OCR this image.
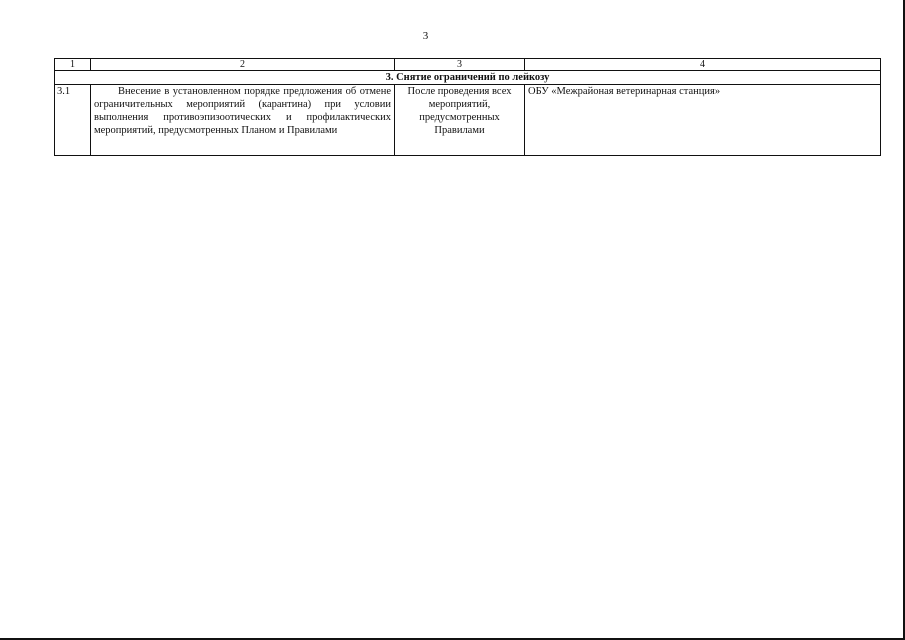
3
1	2	3	4
3. Снятие ограничений по лейкозу			
3.1	Внесение в установленном порядке предложения об отмене ограничительных мероприятий (карантина) при условии выполнения противоэпизоотических и профилактических мероприятий, предусмотренных Планом и Правилами	После проведения всех мероприятий, предусмотренных Правилами	ОБУ «Межрайоная ветеринарная станция»
